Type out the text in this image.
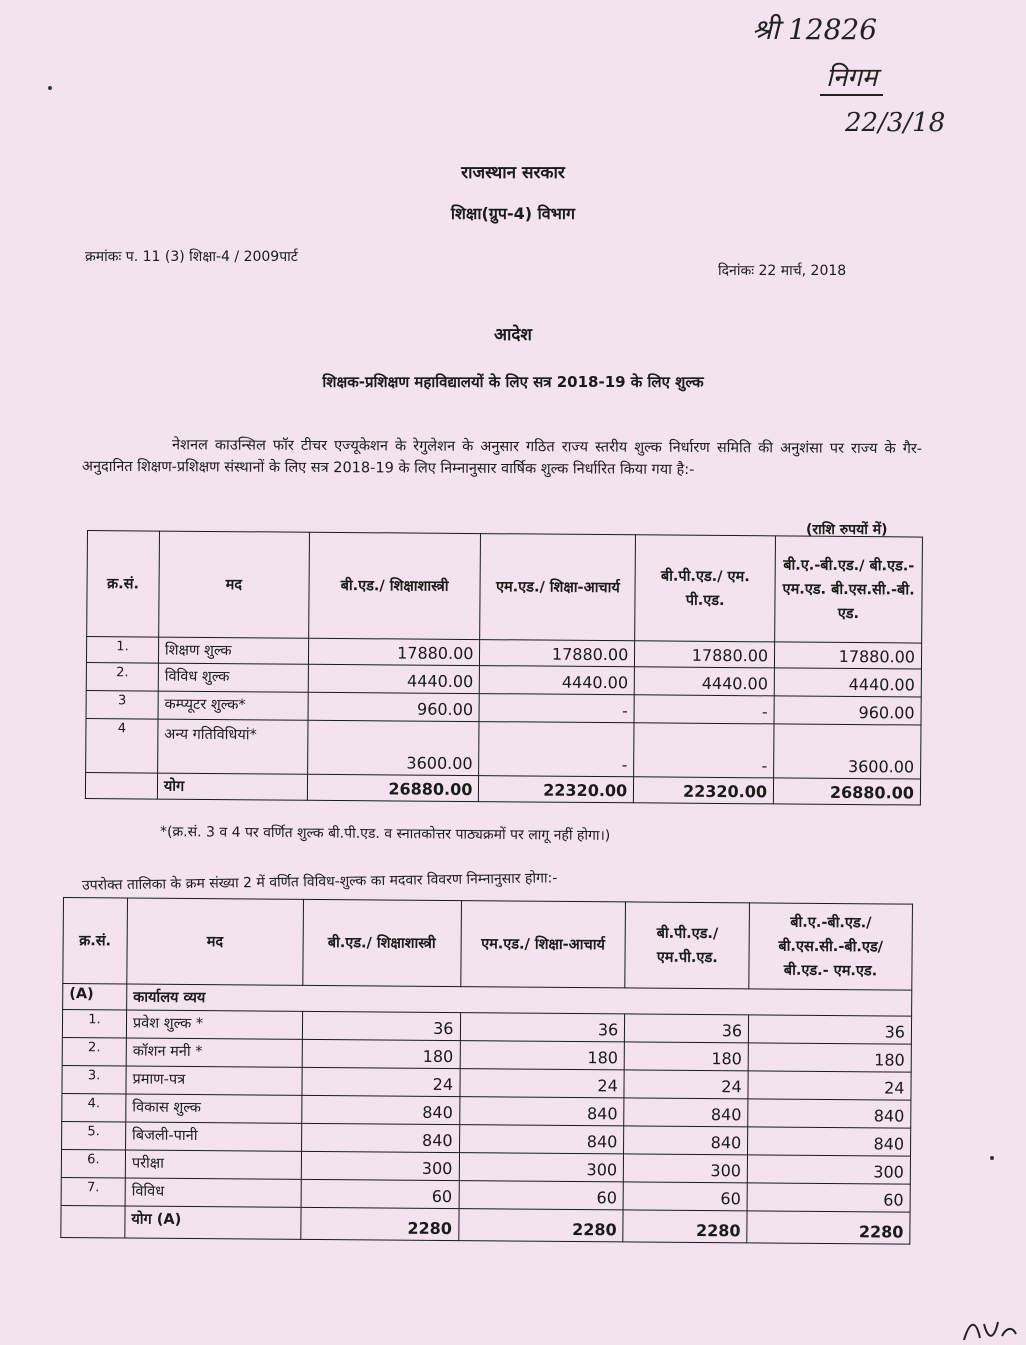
श्री 12826
निगम
22/3/18
राजस्थान सरकार
शिक्षा(ग्रुप-4) विभाग
क्रमांकः प. 11 (3) शिक्षा-4 / 2009पार्ट
दिनांकः 22 मार्च, 2018
आदेश
शिक्षक-प्रशिक्षण महाविद्यालयों के लिए सत्र 2018-19 के लिए शुल्क
नेशनल काउन्सिल फॉर टीचर एज्यूकेशन के रेगुलेशन के अनुसार गठित राज्य स्तरीय शुल्क निर्धारण समिति की अनुशंसा पर राज्य के गैर-अनुदानित शिक्षण-प्रशिक्षण संस्थानों के लिए सत्र 2018-19 के लिए निम्नानुसार वार्षिक शुल्क निर्धारित किया गया है:-
(राशि रुपयों में)
क्र.सं.	मद	बी.एड./ शिक्षाशास्त्री	एम.एड./ शिक्षा-आचार्य	बी.पी.एड./ एम. पी.एड.	बी.ए.-बी.एड./ बी.एड.- एम.एड. बी.एस.सी.-बी. एड.
1.	शिक्षण शुल्क	17880.00	17880.00	17880.00	17880.00
2.	विविध शुल्क	4440.00	4440.00	4440.00	4440.00
3	कम्प्यूटर शुल्क*	960.00	-	-	960.00
4	अन्य गतिविधियां*	3600.00	-	-	3600.00
	योग	26880.00	22320.00	22320.00	26880.00
*(क्र.सं. 3 व 4 पर वर्णित शुल्क बी.पी.एड. व स्नातकोत्तर पाठ्यक्रमों पर लागू नहीं होगा।)
उपरोक्त तालिका के क्रम संख्या 2 में वर्णित विविध-शुल्क का मदवार विवरण निम्नानुसार होगा:-
क्र.सं.	मद	बी.एड./ शिक्षाशास्त्री	एम.एड./ शिक्षा-आचार्य	बी.पी.एड./ एम.पी.एड.	बी.ए.-बी.एड./ बी.एस.सी.-बी.एड/ बी.एड.- एम.एड.
(A)	कार्यालय व्यय				
1.	प्रवेश शुल्क *	36	36	36	36
2.	कॉशन मनी *	180	180	180	180
3.	प्रमाण-पत्र	24	24	24	24
4.	विकास शुल्क	840	840	840	840
5.	बिजली-पानी	840	840	840	840
6.	परीक्षा	300	300	300	300
7.	विविध	60	60	60	60
	योग (A)	2280	2280	2280	2280
